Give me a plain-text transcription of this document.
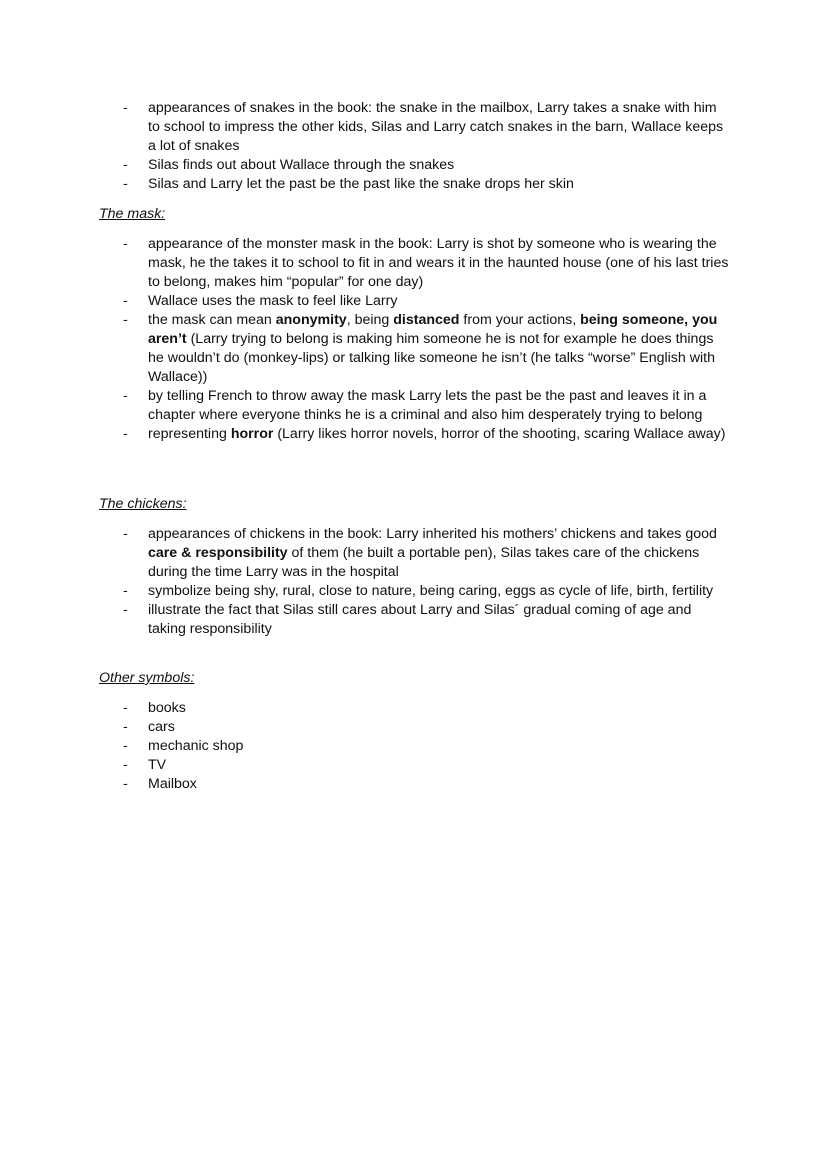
- appearances of snakes in the book: the snake in the mailbox, Larry takes a snake with him to school to impress the other kids, Silas and Larry catch snakes in the barn, Wallace keeps a lot of snakes
- Silas finds out about Wallace through the snakes
- Silas and Larry let the past be the past like the snake drops her skin

The mask:

- appearance of the monster mask in the book: Larry is shot by someone who is wearing the mask, he the takes it to school to fit in and wears it in the haunted house (one of his last tries to belong, makes him “popular” for one day)
- Wallace uses the mask to feel like Larry
- the mask can mean anonymity, being distanced from your actions, being someone, you aren’t (Larry trying to belong is making him someone he is not for example he does things he wouldn’t do (monkey-lips) or talking like someone he isn’t (he talks “worse” English with Wallace))
- by telling French to throw away the mask Larry lets the past be the past and leaves it in a chapter where everyone thinks he is a criminal and also him desperately trying to belong
- representing horror (Larry likes horror novels, horror of the shooting, scaring Wallace away)

The chickens:

- appearances of chickens in the book: Larry inherited his mothers’ chickens and takes good care & responsibility of them (he built a portable pen), Silas takes care of the chickens during the time Larry was in the hospital
- symbolize being shy, rural, close to nature, being caring, eggs as cycle of life, birth, fertility
- illustrate the fact that Silas still cares about Larry and Silas´ gradual coming of age and taking responsibility

Other symbols:

- books
- cars
- mechanic shop
- TV
- Mailbox
